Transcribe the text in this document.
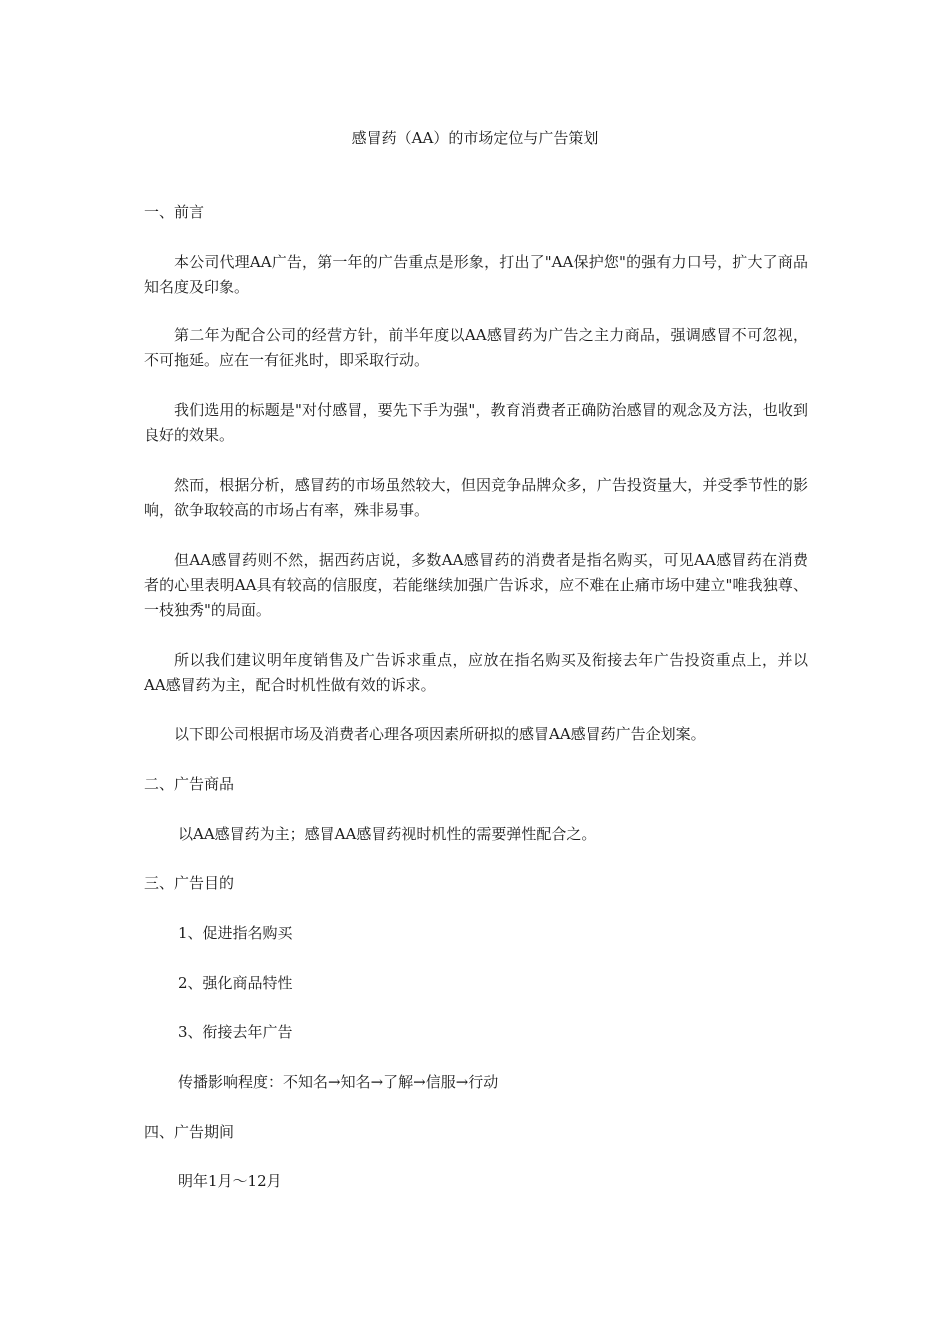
感冒药（AA）的市场定位与广告策划
一、前言
本公司代理AA广告，第一年的广告重点是形象，打出了"AA保护您"的强有力口号，扩大了商品知名度及印象。
第二年为配合公司的经营方针，前半年度以AA感冒药为广告之主力商品，强调感冒不可忽视，不可拖延。应在一有征兆时，即采取行动。
我们选用的标题是"对付感冒，要先下手为强"，教育消费者正确防治感冒的观念及方法，也收到良好的效果。
然而，根据分析，感冒药的市场虽然较大，但因竞争品牌众多，广告投资量大，并受季节性的影响，欲争取较高的市场占有率，殊非易事。
但AA感冒药则不然，据西药店说，多数AA感冒药的消费者是指名购买，可见AA感冒药在消费者的心里表明AA具有较高的信服度，若能继续加强广告诉求，应不难在止痛市场中建立"唯我独尊、一枝独秀"的局面。
所以我们建议明年度销售及广告诉求重点，应放在指名购买及衔接去年广告投资重点上，并以AA感冒药为主，配合时机性做有效的诉求。
以下即公司根据市场及消费者心理各项因素所研拟的感冒AA感冒药广告企划案。
二、广告商品
以AA感冒药为主；感冒AA感冒药视时机性的需要弹性配合之。
三、广告目的
1、促进指名购买
2、强化商品特性
3、衔接去年广告
传播影响程度：不知名→知名→了解→信服→行动
四、广告期间
明年1月～12月
